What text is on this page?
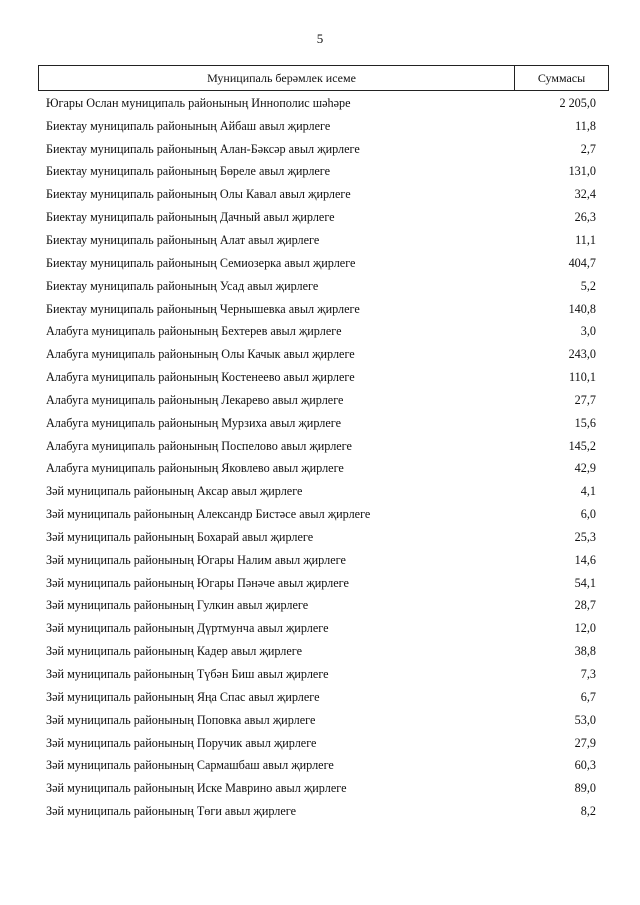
5
Муниципаль берәмлек исеме	Суммасы
Югары Ослан муниципаль районының Иннополис шәһәре	2 205,0
Биектау муниципаль районының Айбаш авыл җирлеге	11,8
Биектау муниципаль районының Алан-Бәксәр авыл җирлеге	2,7
Биектау муниципаль районының Бөреле авыл җирлеге	131,0
Биектау муниципаль районының Олы Кавал авыл җирлеге	32,4
Биектау муниципаль районының Дачный авыл җирлеге	26,3
Биектау муниципаль районының Алат авыл җирлеге	11,1
Биектау муниципаль районының Семиозерка авыл җирлеге	404,7
Биектау муниципаль районының Усад авыл җирлеге	5,2
Биектау муниципаль районының Чернышевка авыл җирлеге	140,8
Алабуга муниципаль районының Бехтерев авыл җирлеге	3,0
Алабуга муниципаль районының Олы Качык авыл җирлеге	243,0
Алабуга муниципаль районының Костенеево авыл җирлеге	110,1
Алабуга муниципаль районының Лекарево авыл җирлеге	27,7
Алабуга муниципаль районының Мурзиха авыл җирлеге	15,6
Алабуга муниципаль районының Поспелово авыл җирлеге	145,2
Алабуга муниципаль районының Яковлево авыл җирлеге	42,9
Зәй муниципаль районының Аксар авыл җирлеге	4,1
Зәй муниципаль районының Александр Бистәсе авыл җирлеге	6,0
Зәй муниципаль районының Бохарай авыл җирлеге	25,3
Зәй муниципаль районының Югары Налим авыл җирлеге	14,6
Зәй муниципаль районының Югары Пәнәче авыл җирлеге	54,1
Зәй муниципаль районының Гулкин авыл җирлеге	28,7
Зәй муниципаль районының Дүртмунча авыл җирлеге	12,0
Зәй муниципаль районының Кадер авыл җирлеге	38,8
Зәй муниципаль районының Түбән Биш авыл җирлеге	7,3
Зәй муниципаль районының Яңа Спас авыл җирлеге	6,7
Зәй муниципаль районының Поповка авыл җирлеге	53,0
Зәй муниципаль районының Поручик авыл җирлеге	27,9
Зәй муниципаль районының Сармашбаш авыл җирлеге	60,3
Зәй муниципаль районының Иске Маврино авыл җирлеге	89,0
Зәй муниципаль районының Төги авыл җирлеге	8,2
